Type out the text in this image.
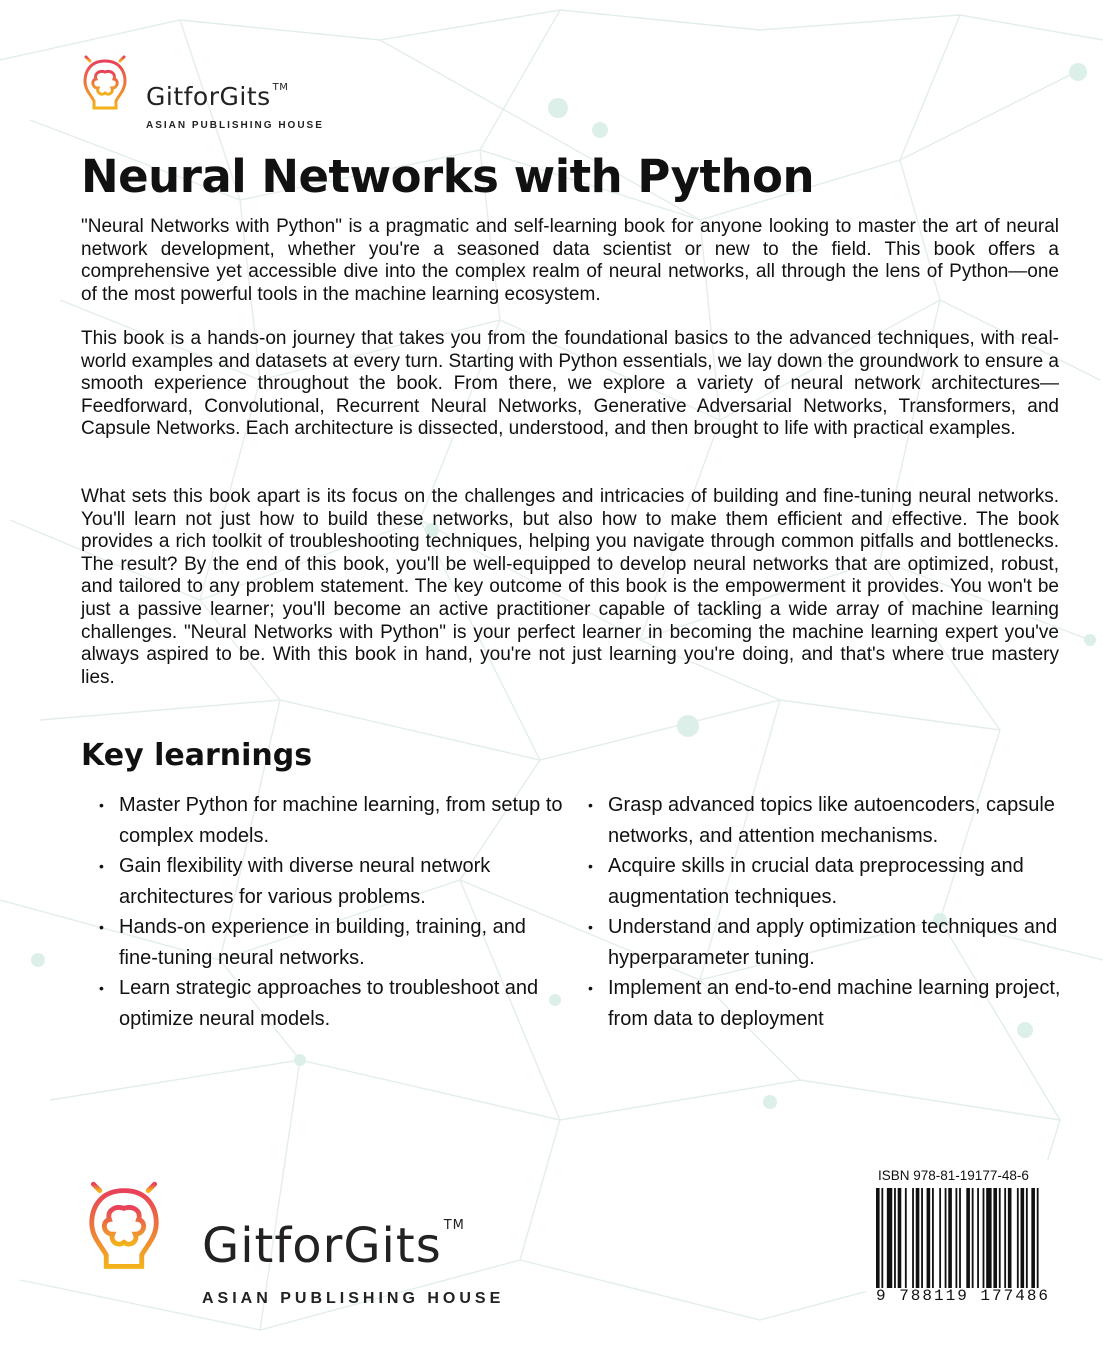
GitforGits ™
ASIAN PUBLISHING HOUSE
Neural Networks with Python

"Neural Networks with Python" is a pragmatic and self-learning book for anyone looking to master the art of neural network development, whether you're a seasoned data scientist or new to the field. This book offers a comprehensive yet accessible dive into the complex realm of neural networks, all through the lens of Python—one of the most powerful tools in the machine learning ecosystem.

This book is a hands-on journey that takes you from the foundational basics to the advanced techniques, with real-world examples and datasets at every turn. Starting with Python essentials, we lay down the groundwork to ensure a smooth experience throughout the book. From there, we explore a variety of neural network architectures—Feedforward, Convolutional, Recurrent Neural Networks, Generative Adversarial Networks, Transformers, and Capsule Networks. Each architecture is dissected, understood, and then brought to life with practical examples.

What sets this book apart is its focus on the challenges and intricacies of building and fine-tuning neural networks. You'll learn not just how to build these networks, but also how to make them efficient and effective. The book provides a rich toolkit of troubleshooting techniques, helping you navigate through common pitfalls and bottlenecks. The result? By the end of this book, you'll be well-equipped to develop neural networks that are optimized, robust, and tailored to any problem statement. The key outcome of this book is the empowerment it provides. You won't be just a passive learner; you'll become an active practitioner capable of tackling a wide array of machine learning challenges. "Neural Networks with Python" is your perfect learner in becoming the machine learning expert you've always aspired to be. With this book in hand, you're not just learning you're doing, and that's where true mastery lies.

Key learnings
• Master Python for machine learning, from setup to complex models.
• Gain flexibility with diverse neural network architectures for various problems.
• Hands-on experience in building, training, and fine-tuning neural networks.
• Learn strategic approaches to troubleshoot and optimize neural models.
• Grasp advanced topics like autoencoders, capsule networks, and attention mechanisms.
• Acquire skills in crucial data preprocessing and augmentation techniques.
• Understand and apply optimization techniques and hyperparameter tuning.
• Implement an end-to-end machine learning project, from data to deployment
GitforGits ™
ASIAN PUBLISHING HOUSE
ISBN 978-81-19177-48-6
9 788119 177486
